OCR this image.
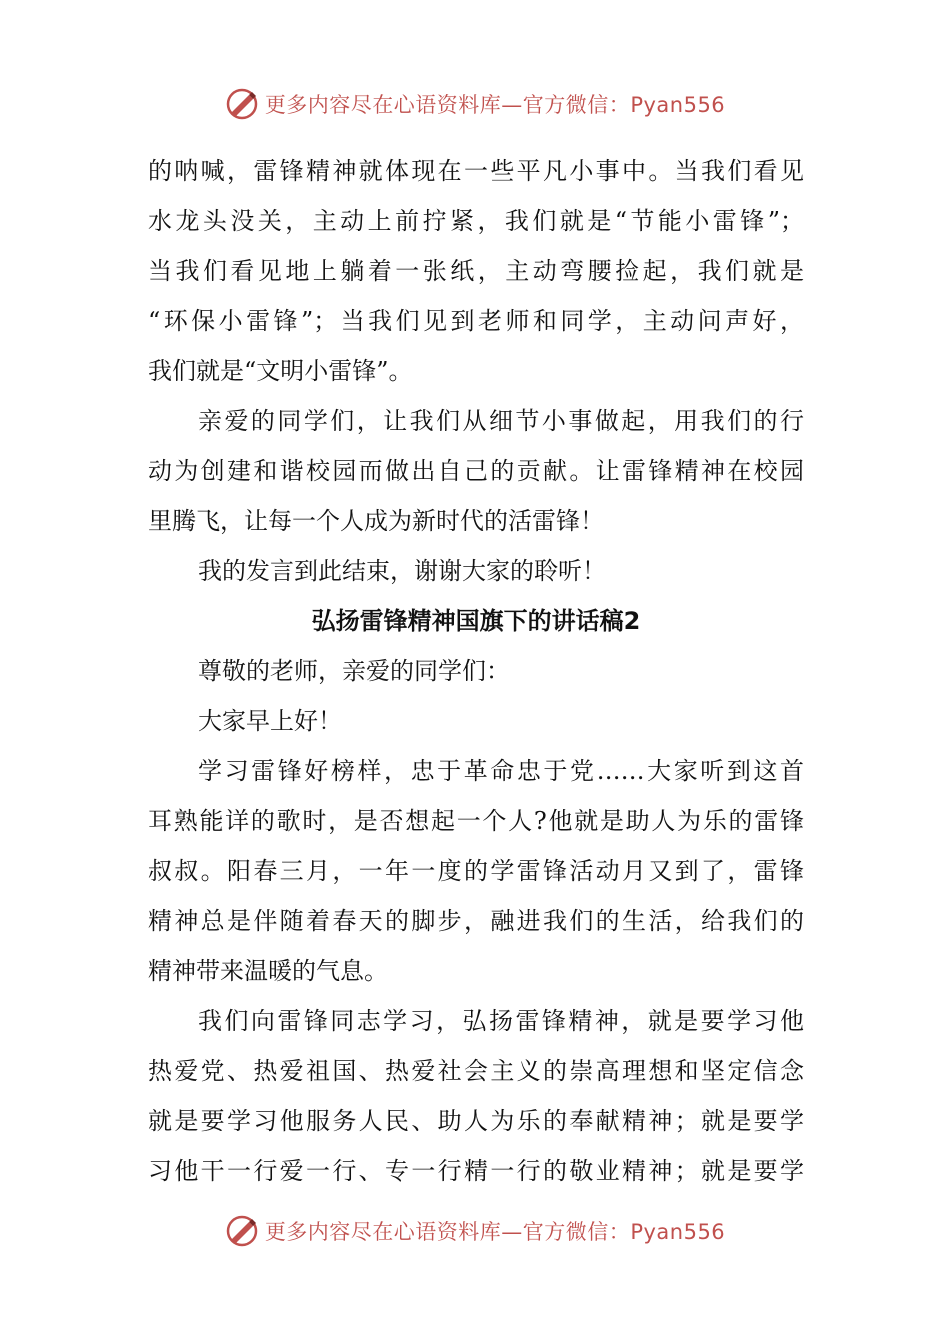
更多内容尽在心语资料库—官方微信：Pyan556
的呐喊，雷锋精神就体现在一些平凡小事中。当我们看见
水龙头没关，主动上前拧紧，我们就是“节能小雷锋”；
当我们看见地上躺着一张纸，主动弯腰捡起，我们就是
“环保小雷锋”；当我们见到老师和同学，主动问声好，
我们就是“文明小雷锋”。
亲爱的同学们，让我们从细节小事做起，用我们的行
动为创建和谐校园而做出自己的贡献。让雷锋精神在校园
里腾飞，让每一个人成为新时代的活雷锋！
我的发言到此结束，谢谢大家的聆听！
弘扬雷锋精神国旗下的讲话稿2
尊敬的老师，亲爱的同学们：
大家早上好！
学习雷锋好榜样，忠于革命忠于党……大家听到这首
耳熟能详的歌时，是否想起一个人?他就是助人为乐的雷锋
叔叔。阳春三月，一年一度的学雷锋活动月又到了，雷锋
精神总是伴随着春天的脚步，融进我们的生活，给我们的
精神带来温暖的气息。
我们向雷锋同志学习，弘扬雷锋精神，就是要学习他
热爱党、热爱祖国、热爱社会主义的崇高理想和坚定信念
就是要学习他服务人民、助人为乐的奉献精神；就是要学
习他干一行爱一行、专一行精一行的敬业精神；就是要学
更多内容尽在心语资料库—官方微信：Pyan556
